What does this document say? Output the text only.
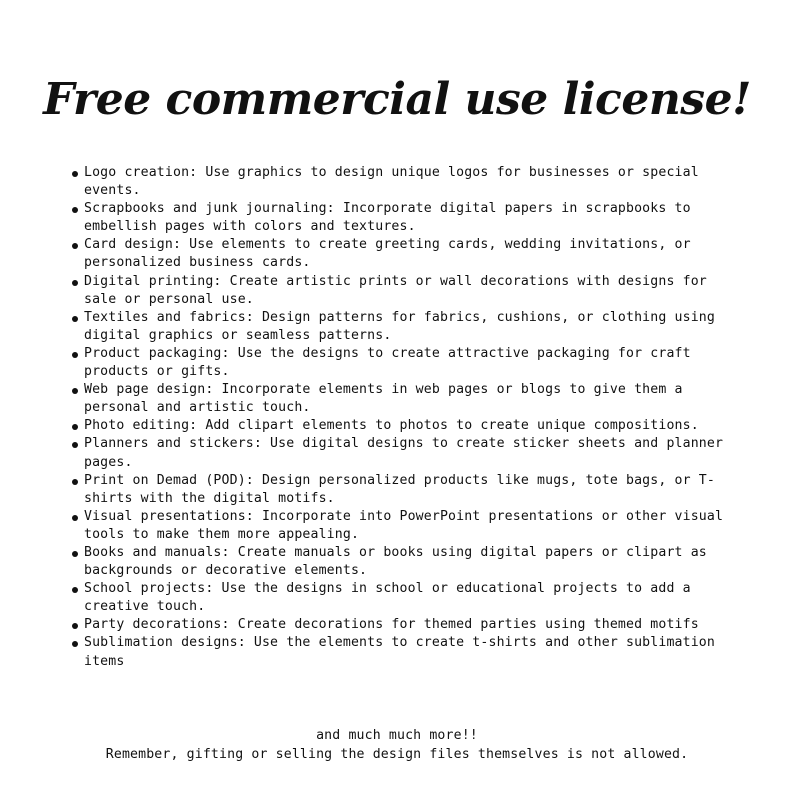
Free commercial use license!
Logo creation: Use graphics to design unique logos for businesses or special events.
Scrapbooks and junk journaling: Incorporate digital papers in scrapbooks to embellish pages with colors and textures.
Card design: Use elements to create greeting cards, wedding invitations, or personalized business cards.
Digital printing: Create artistic prints or wall decorations with designs for sale or personal use.
Textiles and fabrics: Design patterns for fabrics, cushions, or clothing using digital graphics or seamless patterns.
Product packaging: Use the designs to create attractive packaging for craft products or gifts.
Web page design: Incorporate elements in web pages or blogs to give them a personal and artistic touch.
Photo editing: Add clipart elements to photos to create unique compositions.
Planners and stickers: Use digital designs to create sticker sheets and planner pages.
Print on Demad (POD): Design personalized products like mugs, tote bags, or T-shirts with the digital motifs.
Visual presentations: Incorporate into PowerPoint presentations or other visual tools to make them more appealing.
Books and manuals: Create manuals or books using digital papers or clipart as backgrounds or decorative elements.
School projects: Use the designs in school or educational projects to add a creative touch.
Party decorations: Create decorations for themed parties using themed motifs
Sublimation designs: Use the elements to create t-shirts and other sublimation items
and much much more!!
Remember, gifting or selling the design files themselves is not allowed.
